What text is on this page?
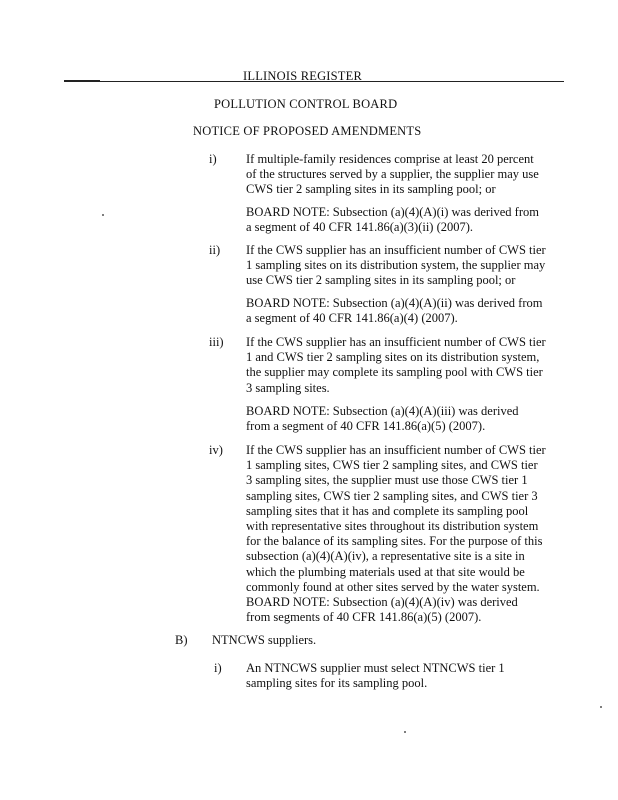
ILLINOIS REGISTER
POLLUTION CONTROL BOARD
NOTICE OF PROPOSED AMENDMENTS
i) If multiple-family residences comprise at least 20 percent
of the structures served by a supplier, the supplier may use
CWS tier 2 sampling sites in its sampling pool; or
BOARD NOTE: Subsection (a)(4)(A)(i) was derived from
a segment of 40 CFR 141.86(a)(3)(ii) (2007).
ii) If the CWS supplier has an insufficient number of CWS tier
1 sampling sites on its distribution system, the supplier may
use CWS tier 2 sampling sites in its sampling pool; or
BOARD NOTE: Subsection (a)(4)(A)(ii) was derived from
a segment of 40 CFR 141.86(a)(4) (2007).
iii) If the CWS supplier has an insufficient number of CWS tier
1 and CWS tier 2 sampling sites on its distribution system,
the supplier may complete its sampling pool with CWS tier
3 sampling sites.
BOARD NOTE: Subsection (a)(4)(A)(iii) was derived
from a segment of 40 CFR 141.86(a)(5) (2007).
iv) If the CWS supplier has an insufficient number of CWS tier
1 sampling sites, CWS tier 2 sampling sites, and CWS tier
3 sampling sites, the supplier must use those CWS tier 1
sampling sites, CWS tier 2 sampling sites, and CWS tier 3
sampling sites that it has and complete its sampling pool
with representative sites throughout its distribution system
for the balance of its sampling sites. For the purpose of this
subsection (a)(4)(A)(iv), a representative site is a site in
which the plumbing materials used at that site would be
commonly found at other sites served by the water system.
BOARD NOTE: Subsection (a)(4)(A)(iv) was derived
from segments of 40 CFR 141.86(a)(5) (2007).
B) NTNCWS suppliers.
i) An NTNCWS supplier must select NTNCWS tier 1
sampling sites for its sampling pool.
